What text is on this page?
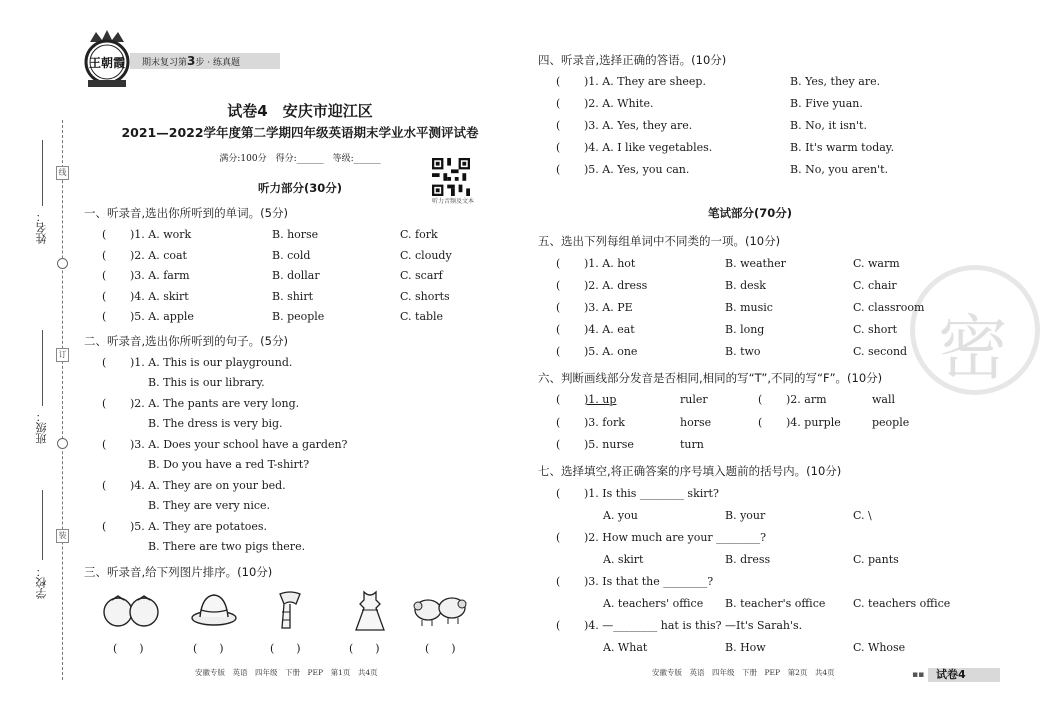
线
订
装
姓名：
班级：
学校：
王朝霞	期末复习第3步 · 练真题
试卷4　安庆市迎江区
2021—2022学年度第二学期四年级英语期末学业水平测评试卷
满分:100分　得分:______　等级:______
听力音频及文本
听力部分(30分)
一、听录音,选出你所听到的单词。(5分)
( )1. A. work	B. horse	C. fork
( )2. A. coat	B. cold	C. cloudy
( )3. A. farm	B. dollar	C. scarf
( )4. A. skirt	B. shirt	C. shorts
( )5. A. apple	B. people	C. table
二、听录音,选出你所听到的句子。(5分)
( )1. A. This is our playground.
B. This is our library.
( )2. A. The pants are very long.
B. The dress is very big.
( )3. A. Does your school have a garden?
B. Do you have a red T-shirt?
( )4. A. They are on your bed.
B. They are very nice.
( )5. A. They are potatoes.
B. There are two pigs there.
三、听录音,给下列图片排序。(10分)
(　　)	(　　)	(　　)	(　　)	(　　)
安徽专版　英语　四年级　下册　PEP　第1页　共4页
密
四、听录音,选择正确的答语。(10分)
( )1. A. They are sheep.	B. Yes, they are.
( )2. A. White.	B. Five yuan.
( )3. A. Yes, they are.	B. No, it isn't.
( )4. A. I like vegetables.	B. It's warm today.
( )5. A. Yes, you can.	B. No, you aren't.
笔试部分(70分)
五、选出下列每组单词中不同类的一项。(10分)
( )1. A. hot	B. weather	C. warm
( )2. A. dress	B. desk	C. chair
( )3. A. PE	B. music	C. classroom
( )4. A. eat	B. long	C. short
( )5. A. one	B. two	C. second
六、判断画线部分发音是否相同,相同的写“T”,不同的写“F”。(10分)
( )1. up	ruler	( )2. arm	wall
( )3. fork	horse	( )4. purple	people
( )5. nurse	turn
七、选择填空,将正确答案的序号填入题前的括号内。(10分)
( )1. Is this ________ skirt?
A. you	B. your	C. \
( )2. How much are your ________?
A. skirt	B. dress	C. pants
( )3. Is that the ________?
A. teachers' office B. teacher's office	C. teachers office
( )4. —________ hat is this? —It's Sarah's.
A. What	B. How	C. Whose
安徽专版　英语　四年级　下册　PEP　第2页　共4页	▪▪	试卷4
